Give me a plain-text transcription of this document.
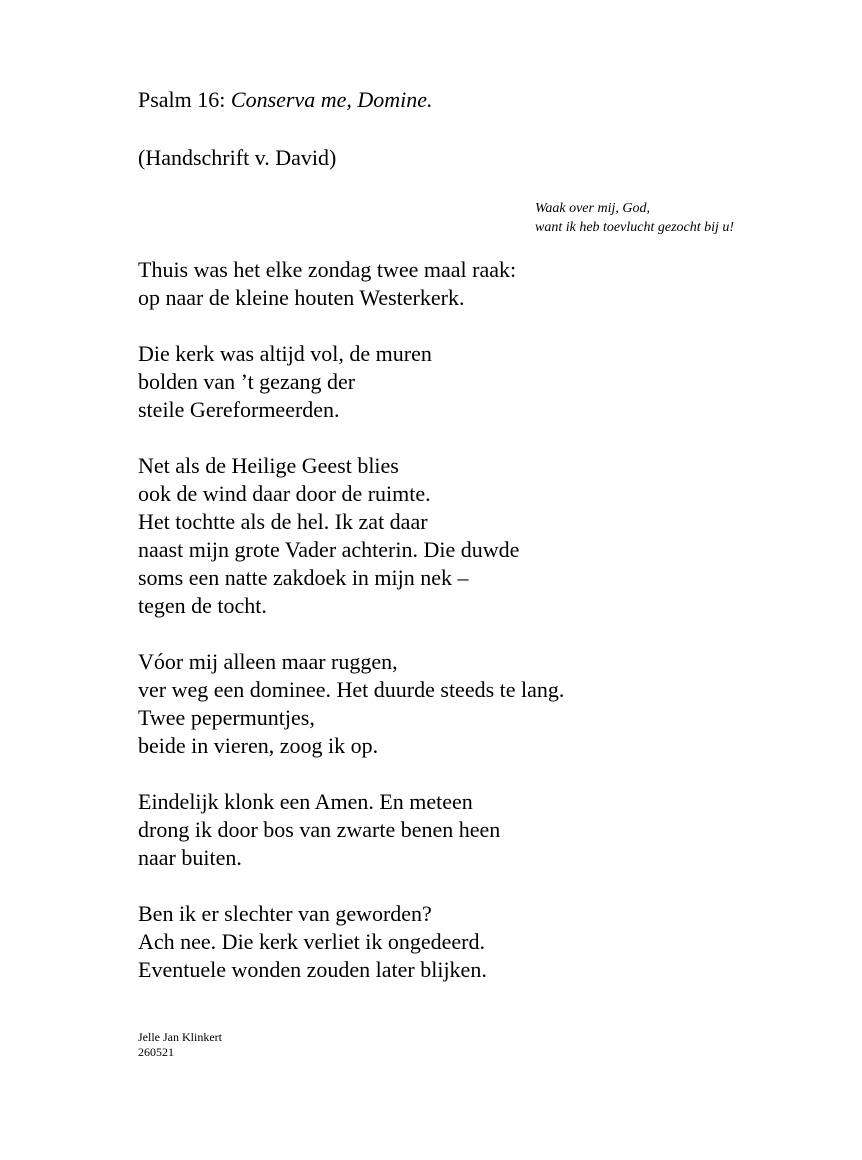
Psalm 16: Conserva me, Domine.
(Handschrift v. David)
Waak over mij, God,
want ik heb toevlucht gezocht bij u!
Thuis was het elke zondag twee maal raak:
op naar de kleine houten Westerkerk.
Die kerk was altijd vol, de muren
bolden van ’t gezang der
steile Gereformeerden.
Net als de Heilige Geest blies
ook de wind daar door de ruimte.
Het tochtte als de hel. Ik zat daar
naast mijn grote Vader achterin. Die duwde
soms een natte zakdoek in mijn nek –
tegen de tocht.
Vóor mij alleen maar ruggen,
ver weg een dominee. Het duurde steeds te lang.
Twee pepermuntjes,
beide in vieren, zoog ik op.
Eindelijk klonk een Amen. En meteen
drong ik door bos van zwarte benen heen
naar buiten.
Ben ik er slechter van geworden?
Ach nee. Die kerk verliet ik ongedeerd.
Eventuele wonden zouden later blijken.
Jelle Jan Klinkert
260521
